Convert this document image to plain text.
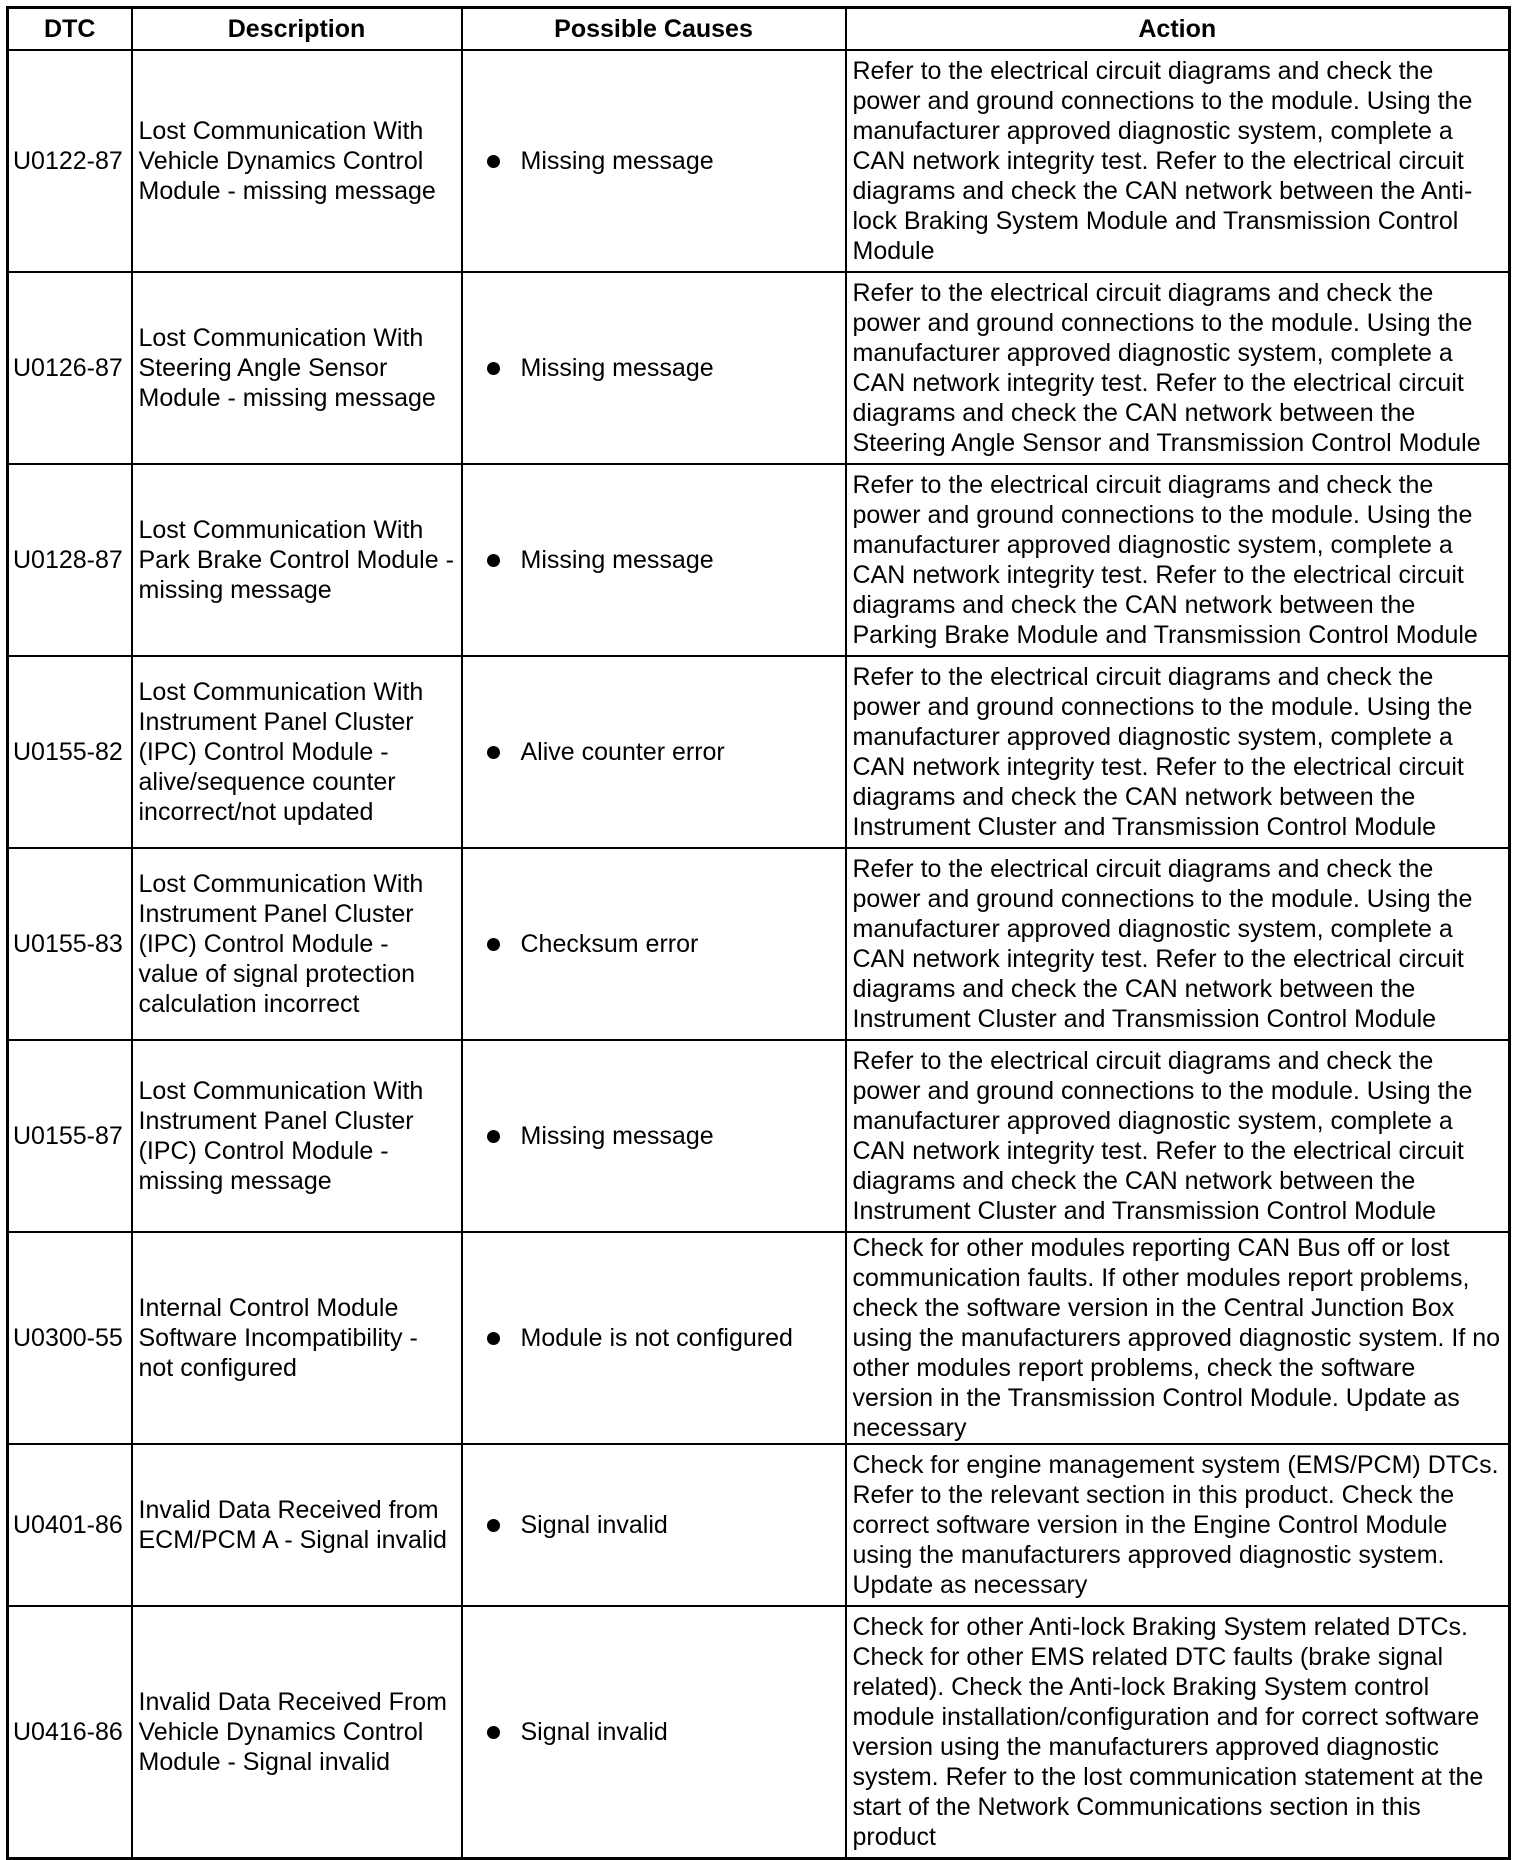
DTC	Description	Possible Causes	Action
U0122-87	Lost Communication With Vehicle Dynamics Control Module - missing message	Missing message	Refer to the electrical circuit diagrams and check the power and ground connections to the module. Using the manufacturer approved diagnostic system, complete a CAN network integrity test. Refer to the electrical circuit diagrams and check the CAN network between the Anti-lock Braking System Module and Transmission Control Module
U0126-87	Lost Communication With Steering Angle Sensor Module - missing message	Missing message	Refer to the electrical circuit diagrams and check the power and ground connections to the module. Using the manufacturer approved diagnostic system, complete a CAN network integrity test. Refer to the electrical circuit diagrams and check the CAN network between the Steering Angle Sensor and Transmission Control Module
U0128-87	Lost Communication With Park Brake Control Module - missing message	Missing message	Refer to the electrical circuit diagrams and check the power and ground connections to the module. Using the manufacturer approved diagnostic system, complete a CAN network integrity test. Refer to the electrical circuit diagrams and check the CAN network between the Parking Brake Module and Transmission Control Module
U0155-82	Lost Communication With Instrument Panel Cluster (IPC) Control Module - alive/sequence counter incorrect/not updated	Alive counter error	Refer to the electrical circuit diagrams and check the power and ground connections to the module. Using the manufacturer approved diagnostic system, complete a CAN network integrity test. Refer to the electrical circuit diagrams and check the CAN network between the Instrument Cluster and Transmission Control Module
U0155-83	Lost Communication With Instrument Panel Cluster (IPC) Control Module - value of signal protection calculation incorrect	Checksum error	Refer to the electrical circuit diagrams and check the power and ground connections to the module. Using the manufacturer approved diagnostic system, complete a CAN network integrity test. Refer to the electrical circuit diagrams and check the CAN network between the Instrument Cluster and Transmission Control Module
U0155-87	Lost Communication With Instrument Panel Cluster (IPC) Control Module - missing message	Missing message	Refer to the electrical circuit diagrams and check the power and ground connections to the module. Using the manufacturer approved diagnostic system, complete a CAN network integrity test. Refer to the electrical circuit diagrams and check the CAN network between the Instrument Cluster and Transmission Control Module
U0300-55	Internal Control Module Software Incompatibility - not configured	Module is not configured	Check for other modules reporting CAN Bus off or lost communication faults. If other modules report problems, check the software version in the Central Junction Box using the manufacturers approved diagnostic system. If no other modules report problems, check the software version in the Transmission Control Module. Update as necessary
U0401-86	Invalid Data Received from ECM/PCM A - Signal invalid	Signal invalid	Check for engine management system (EMS/PCM) DTCs. Refer to the relevant section in this product. Check the correct software version in the Engine Control Module using the manufacturers approved diagnostic system. Update as necessary
U0416-86	Invalid Data Received From Vehicle Dynamics Control Module - Signal invalid	Signal invalid	Check for other Anti-lock Braking System related DTCs. Check for other EMS related DTC faults (brake signal related). Check the Anti-lock Braking System control module installation/configuration and for correct software version using the manufacturers approved diagnostic system. Refer to the lost communication statement at the start of the Network Communications section in this product
